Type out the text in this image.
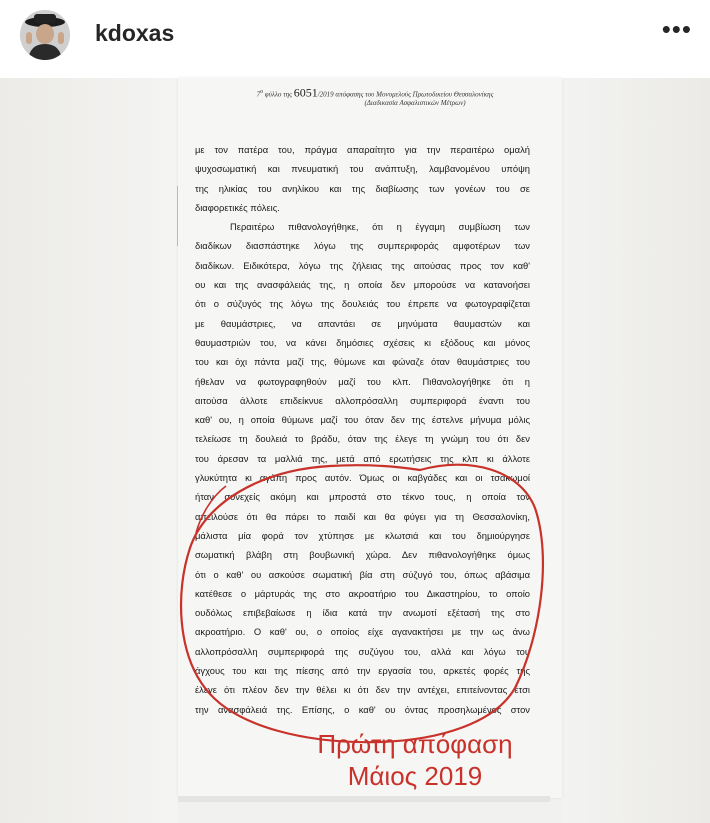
kdoxas	•••
$7^o$ φύλλο της 6051/2019 απόφασης του Μονομελούς Πρωτοδικείου Θεσσαλονίκης
(Διαδικασία Ασφαλιστικών Μέτρων)
με τον πατέρα του, πράγμα απαραίτητο για την περαιτέρω ομαλή
ψυχοσωματική και πνευματική του ανάπτυξη, λαμβανομένου υπόψη
της ηλικίας του ανηλίκου και της διαβίωσης των γονέων του σε
διαφορετικές πόλεις.
Περαιτέρω πιθανολογήθηκε, ότι η έγγαμη συμβίωση των
διαδίκων διασπάστηκε λόγω της συμπεριφοράς αμφοτέρων των
διαδίκων. Ειδικότερα, λόγω της ζήλειας της αιτούσας προς τον καθ'
ου και της ανασφάλειάς της, η οποία δεν μπορούσε να κατανοήσει
ότι ο σύζυγός της λόγω της δουλειάς του έπρεπε να φωτογραφίζεται
με θαυμάστριες, να απαντάει σε μηνύματα θαυμαστών και
θαυμαστριών του, να κάνει δημόσιες σχέσεις κι εξόδους και μόνος
του και όχι πάντα μαζί της, θύμωνε και φώναζε όταν θαυμάστριες του
ήθελαν να φωτογραφηθούν μαζί του κλπ. Πιθανολογήθηκε ότι η
αιτούσα άλλοτε επιδείκνυε αλλοπρόσαλλη συμπεριφορά έναντι του
καθ' ου, η οποία θύμωνε μαζί του όταν δεν της έστελνε μήνυμα μόλις
τελείωσε τη δουλειά το βράδυ, όταν της έλεγε τη γνώμη του ότι δεν
του άρεσαν τα μαλλιά της, μετά από ερωτήσεις της κλπ κι άλλοτε
γλυκύτητα κι αγάπη προς αυτόν. Όμως οι καβγάδες και οι τσακωμοί
ήταν συνεχείς ακόμη και μπροστά στο τέκνο τους, η οποία τον
απειλούσε ότι θα πάρει το παιδί και θα φύγει για τη Θεσσαλονίκη,
μάλιστα μία φορά τον χτύπησε με κλωτσιά και του δημιούργησε
σωματική βλάβη στη βουβωνική χώρα. Δεν πιθανολογήθηκε όμως
ότι ο καθ' ου ασκούσε σωματική βία στη σύζυγό του, όπως αβάσιμα
κατέθεσε ο μάρτυράς της στο ακροατήριο του Δικαστηρίου, το οποίο
ουδόλως επιβεβαίωσε η ίδια κατά την ανωμοτί εξέτασή της στο
ακροατήριο. Ο καθ' ου, ο οποίος είχε αγανακτήσει με την ως άνω
αλλοπρόσαλλη συμπεριφορά της συζύγου του, αλλά και λόγω του
άγχους του και της πίεσης από την εργασία του, αρκετές φορές της
έλεγε ότι πλέον δεν την θέλει κι ότι δεν την αντέχει, επιτείνοντας έτσι
την ανασφάλειά της. Επίσης, ο καθ' ου όντας προσηλωμένος στον
Πρώτη απόφαση
Μάιος 2019
